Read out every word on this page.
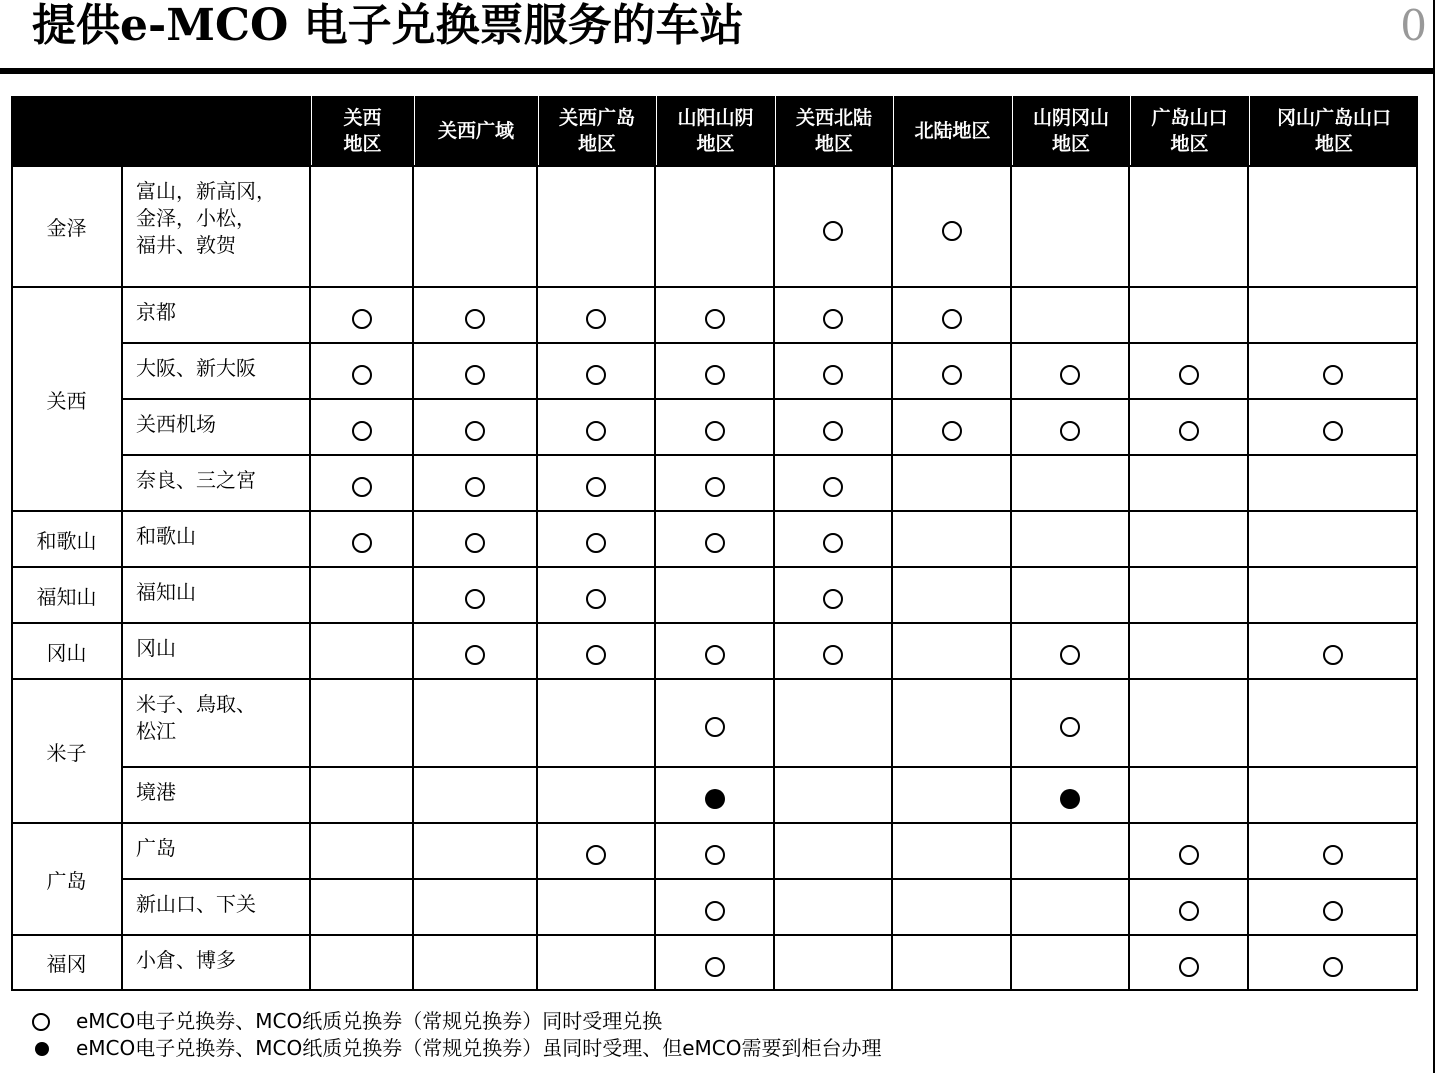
提供e-MCO 电子兑换票服务的车站	0
关西
地区
关西广域
关西广岛
地区
山阳山阴
地区
关西北陆
地区
北陆地区
山阴冈山
地区
广岛山口
地区
冈山广岛山口
地区
金泽
关西
和歌山
福知山
冈山
米子
广岛
福冈
富山，新高冈，
金泽，小松，
福井、敦贺
京都
大阪、新大阪
关西机场
奈良、三之宮
和歌山
福知山
冈山
米子、鳥取、
松江
境港
广岛
新山口、下关
小倉、博多
eMCO电子兑换券、MCO纸质兑换券（常规兑换券）同时受理兑换
eMCO电子兑换券、MCO纸质兑换券（常规兑换券）虽同时受理、但eMCO需要到柜台办理
